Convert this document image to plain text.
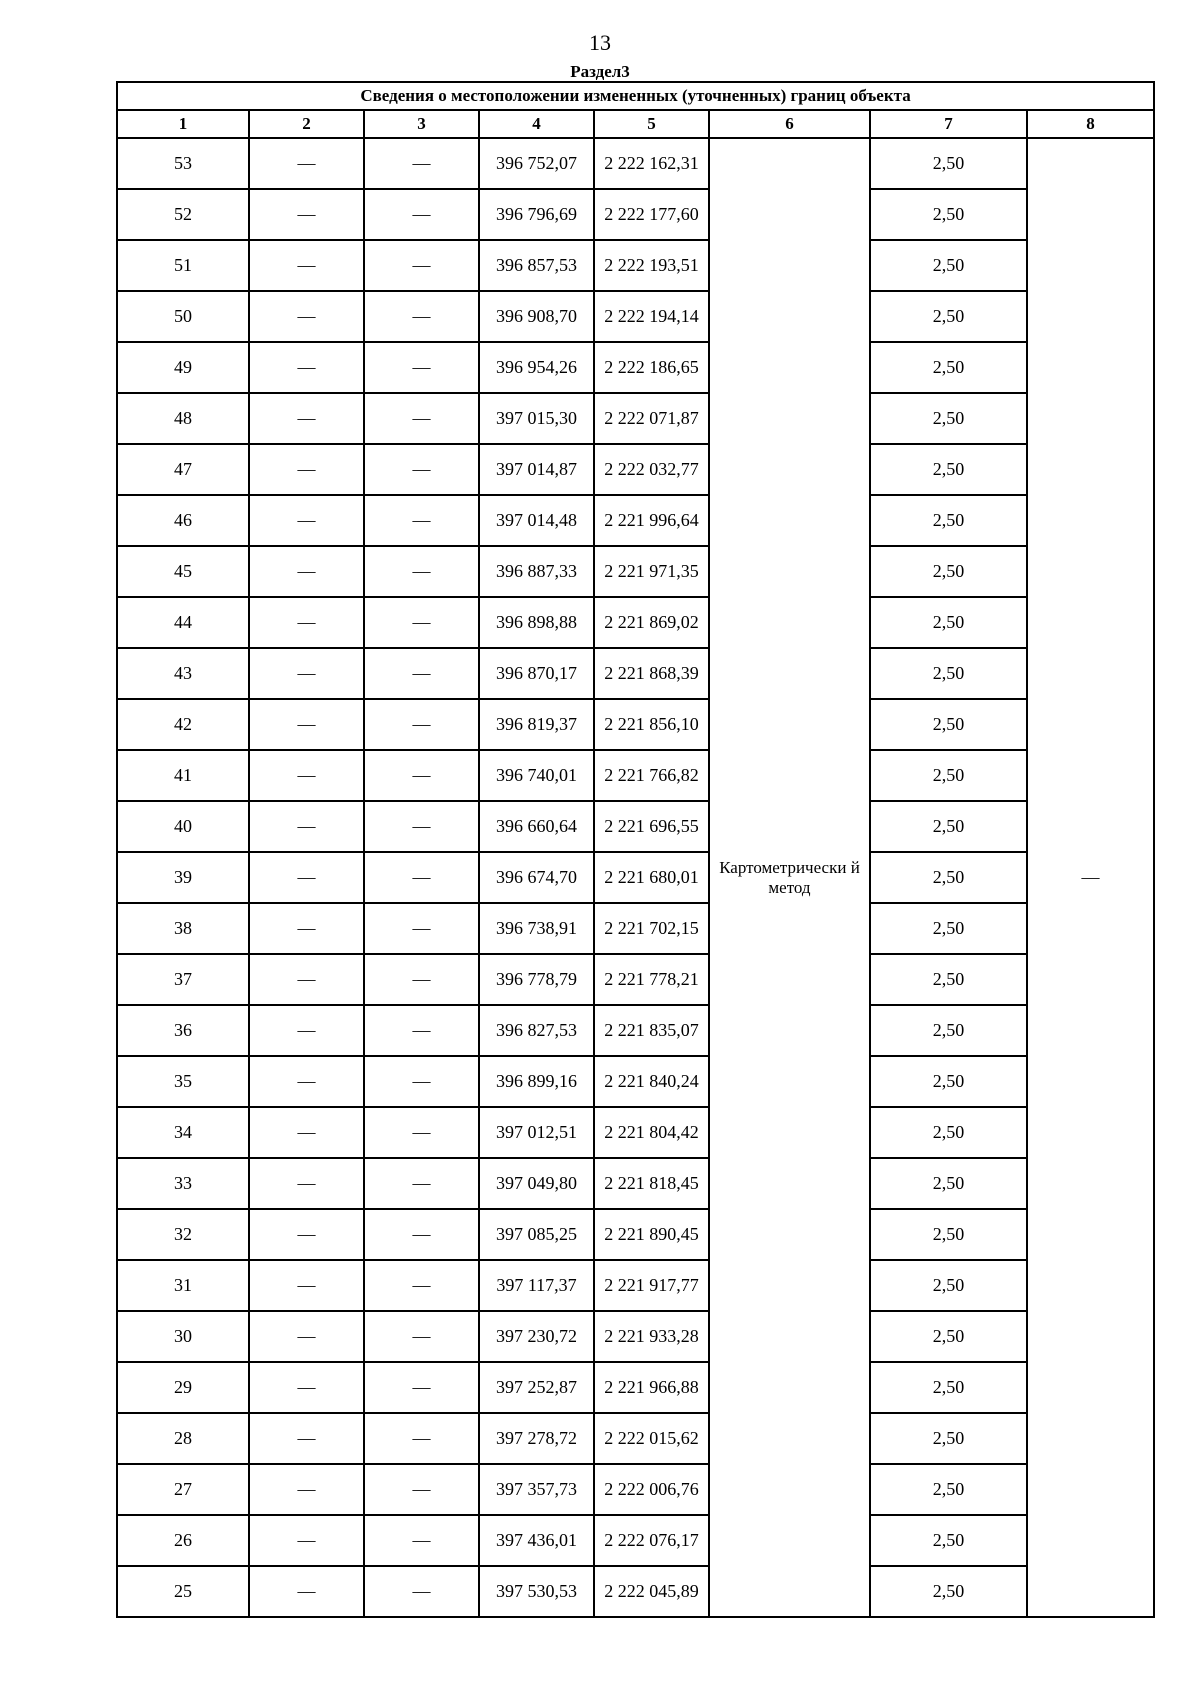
13
Раздел3
Сведения о местоположении измененных (уточненных) границ объекта							
1	2	3	4	5	6	7	8
53	—	—	396 752,07	2 222 162,31	Картометрически й метод	2,50	—
52	—	—	396 796,69	2 222 177,60		2,50	
51	—	—	396 857,53	2 222 193,51		2,50	
50	—	—	396 908,70	2 222 194,14		2,50	
49	—	—	396 954,26	2 222 186,65		2,50	
48	—	—	397 015,30	2 222 071,87		2,50	
47	—	—	397 014,87	2 222 032,77		2,50	
46	—	—	397 014,48	2 221 996,64		2,50	
45	—	—	396 887,33	2 221 971,35		2,50	
44	—	—	396 898,88	2 221 869,02		2,50	
43	—	—	396 870,17	2 221 868,39		2,50	
42	—	—	396 819,37	2 221 856,10		2,50	
41	—	—	396 740,01	2 221 766,82		2,50	
40	—	—	396 660,64	2 221 696,55		2,50	
39	—	—	396 674,70	2 221 680,01		2,50	
38	—	—	396 738,91	2 221 702,15		2,50	
37	—	—	396 778,79	2 221 778,21		2,50	
36	—	—	396 827,53	2 221 835,07		2,50	
35	—	—	396 899,16	2 221 840,24		2,50	
34	—	—	397 012,51	2 221 804,42		2,50	
33	—	—	397 049,80	2 221 818,45		2,50	
32	—	—	397 085,25	2 221 890,45		2,50	
31	—	—	397 117,37	2 221 917,77		2,50	
30	—	—	397 230,72	2 221 933,28		2,50	
29	—	—	397 252,87	2 221 966,88		2,50	
28	—	—	397 278,72	2 222 015,62		2,50	
27	—	—	397 357,73	2 222 006,76		2,50	
26	—	—	397 436,01	2 222 076,17		2,50	
25	—	—	397 530,53	2 222 045,89		2,50	
